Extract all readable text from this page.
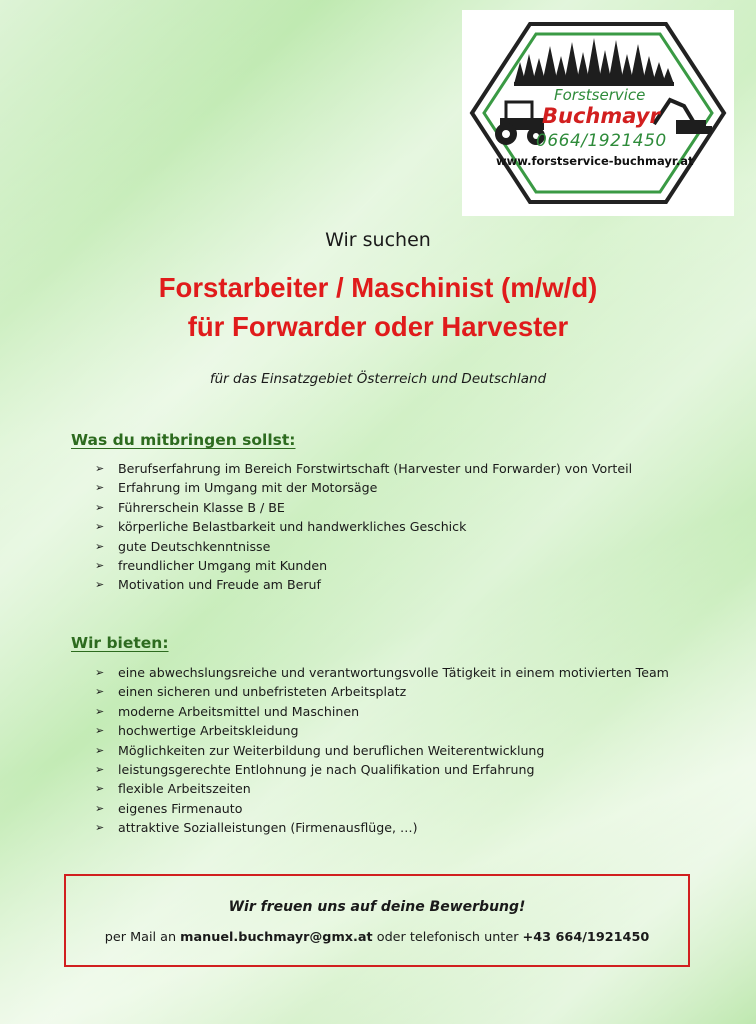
Forstservice
Buchmayr
0664/1921450
www.forstservice-buchmayr.at
Wir suchen
Forstarbeiter / Maschinist (m/w/d)
für Forwarder oder Harvester
für das Einsatzgebiet Österreich und Deutschland
Was du mitbringen sollst:
➢ Berufserfahrung im Bereich Forstwirtschaft (Harvester und Forwarder) von Vorteil
➢ Erfahrung im Umgang mit der Motorsäge
➢ Führerschein Klasse B / BE
➢ körperliche Belastbarkeit und handwerkliches Geschick
➢ gute Deutschkenntnisse
➢ freundlicher Umgang mit Kunden
➢ Motivation und Freude am Beruf
Wir bieten:
➢ eine abwechslungsreiche und verantwortungsvolle Tätigkeit in einem motivierten Team
➢ einen sicheren und unbefristeten Arbeitsplatz
➢ moderne Arbeitsmittel und Maschinen
➢ hochwertige Arbeitskleidung
➢ Möglichkeiten zur Weiterbildung und beruflichen Weiterentwicklung
➢ leistungsgerechte Entlohnung je nach Qualifikation und Erfahrung
➢ flexible Arbeitszeiten
➢ eigenes Firmenauto
➢ attraktive Sozialleistungen (Firmenausflüge, …)
Wir freuen uns auf deine Bewerbung!
per Mail an manuel.buchmayr@gmx.at oder telefonisch unter +43 664/1921450
